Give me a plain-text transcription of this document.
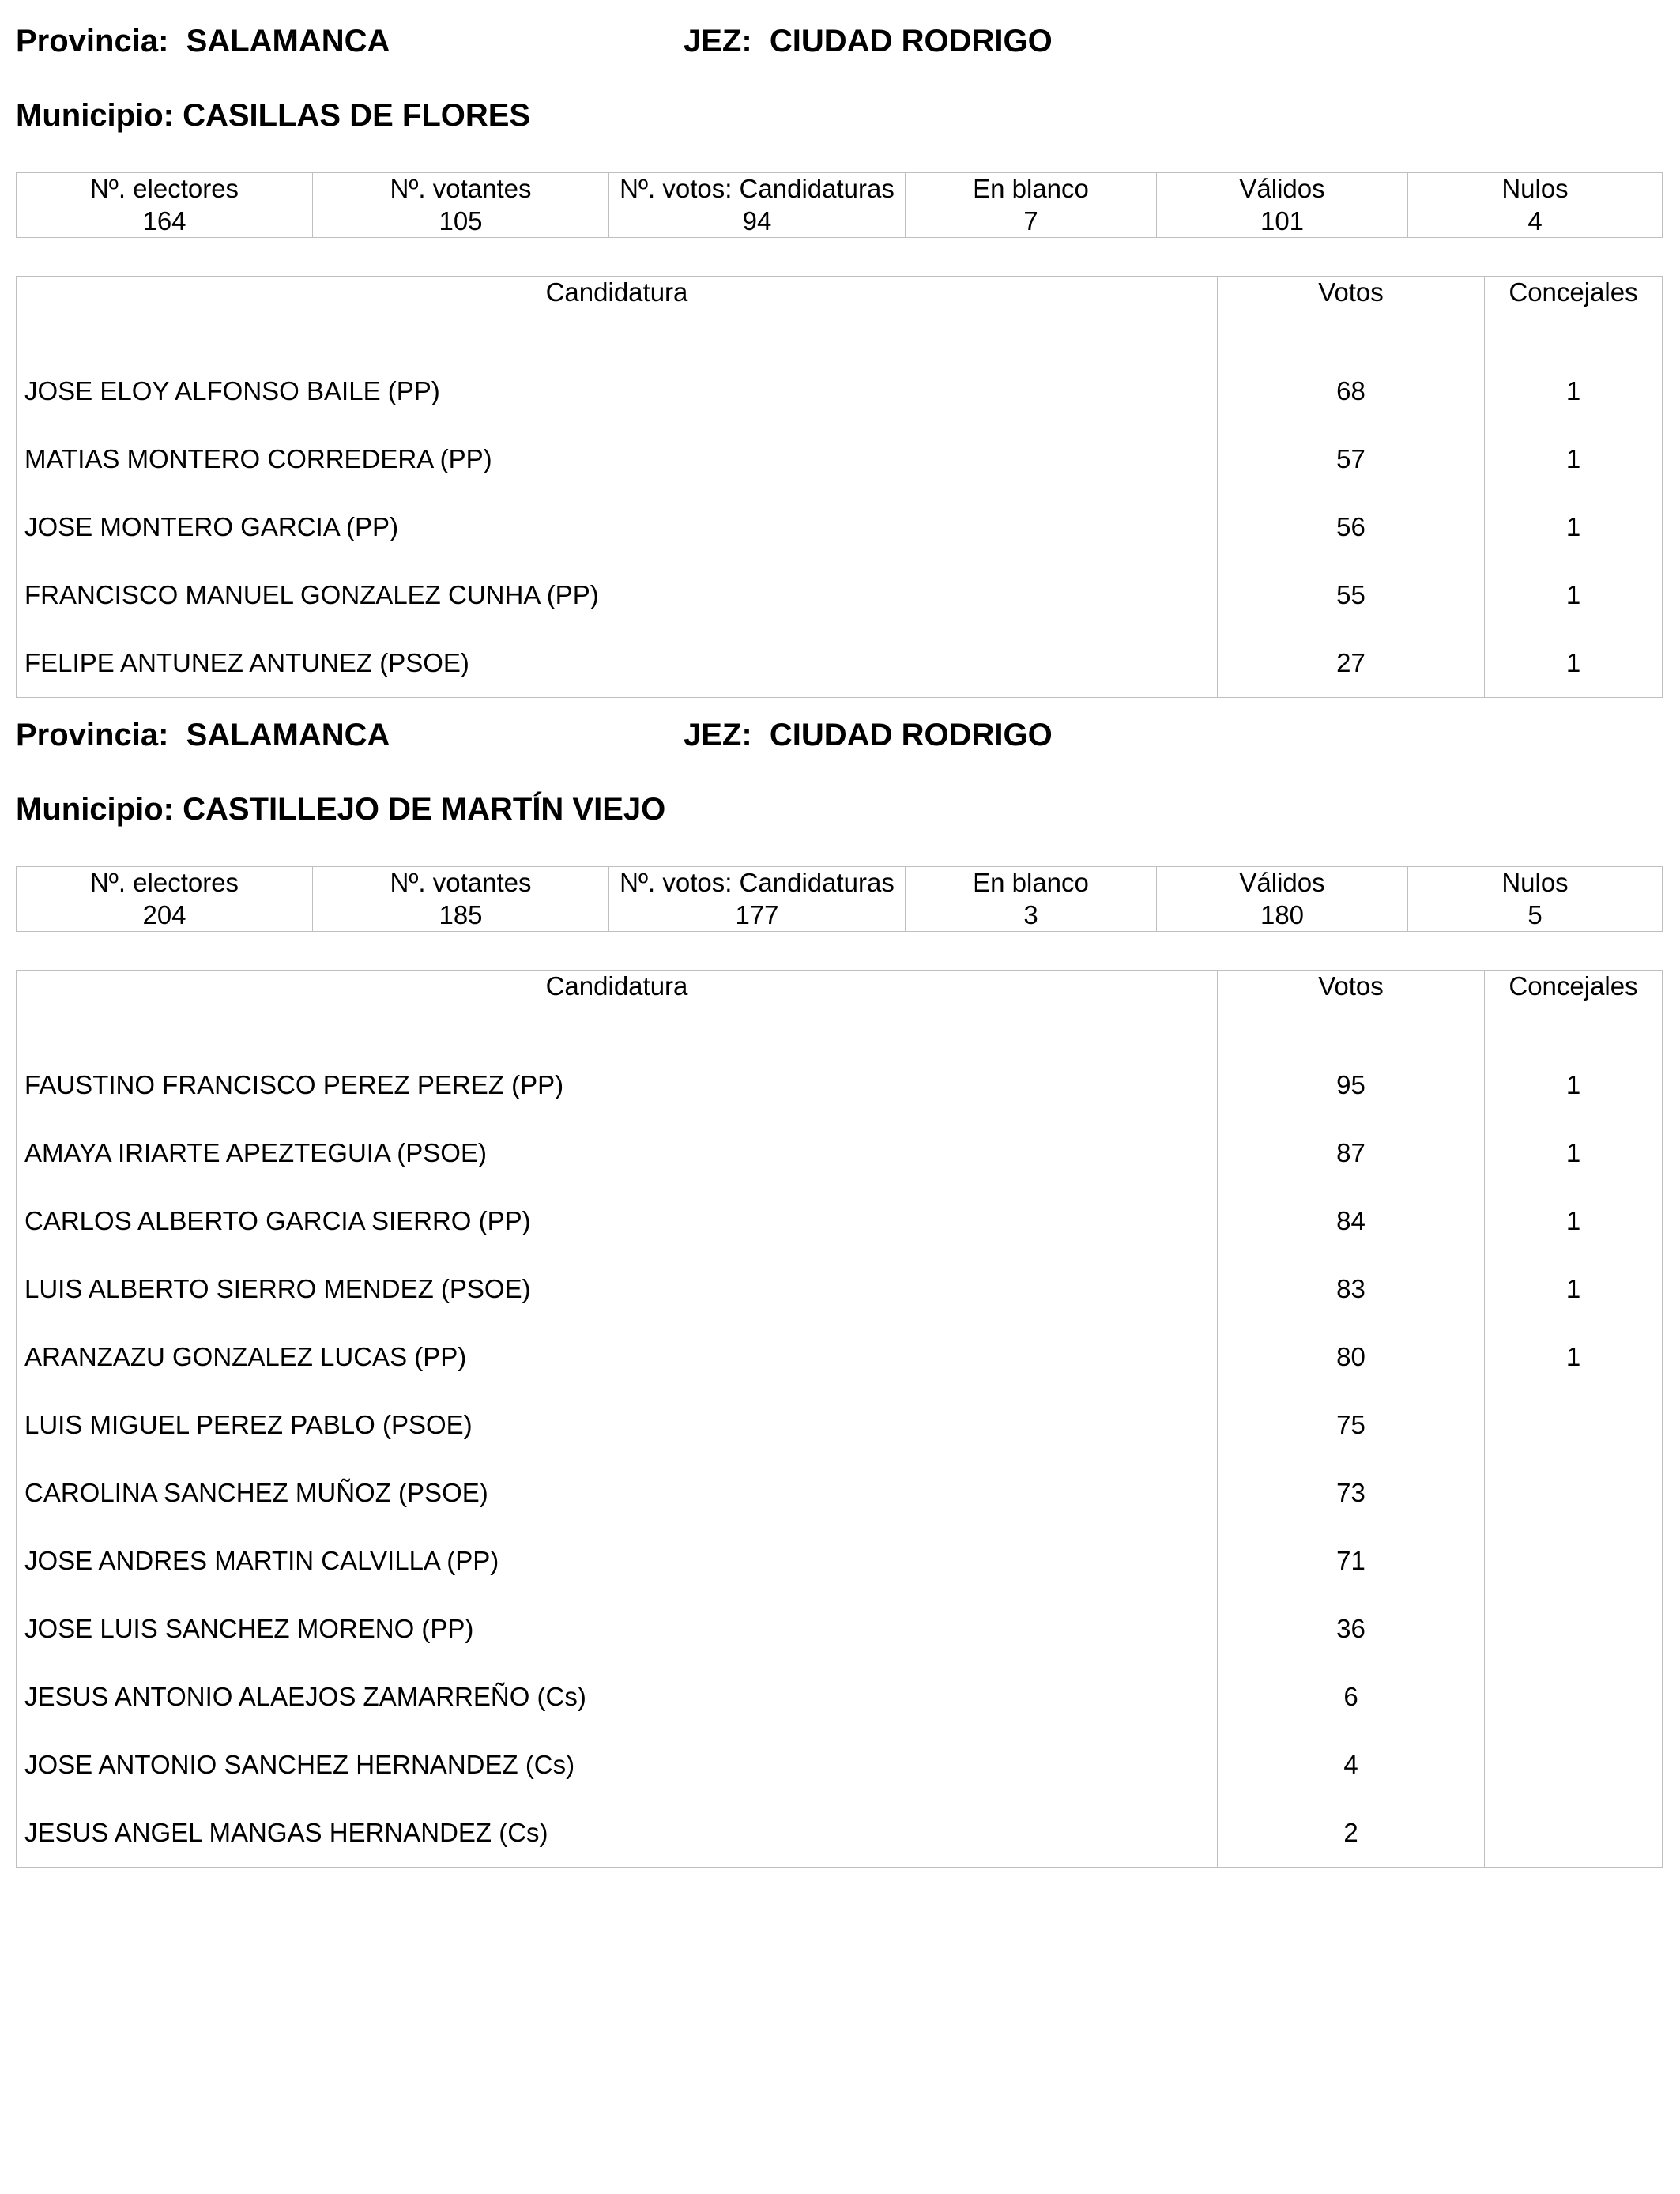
Provincia: SALAMANCA	JEZ: CIUDAD RODRIGO
Municipio: CASILLAS DE FLORES
Nº. electores	Nº. votantes	Nº. votos: Candidaturas	En blanco	Válidos	Nulos
164	105	94	7	101	4
Candidatura	Votos	Concejales
JOSE ELOY ALFONSO BAILE (PP)	68	1
MATIAS MONTERO CORREDERA (PP)	57	1
JOSE MONTERO GARCIA (PP)	56	1
FRANCISCO MANUEL GONZALEZ CUNHA (PP)	55	1
FELIPE ANTUNEZ ANTUNEZ (PSOE)	27	1
Provincia: SALAMANCA	JEZ: CIUDAD RODRIGO
Municipio: CASTILLEJO DE MARTÍN VIEJO
Nº. electores	Nº. votantes	Nº. votos: Candidaturas	En blanco	Válidos	Nulos
204	185	177	3	180	5
Candidatura	Votos	Concejales
FAUSTINO FRANCISCO PEREZ PEREZ (PP)	95	1
AMAYA IRIARTE APEZTEGUIA (PSOE)	87	1
CARLOS ALBERTO GARCIA SIERRO (PP)	84	1
LUIS ALBERTO SIERRO MENDEZ (PSOE)	83	1
ARANZAZU GONZALEZ LUCAS (PP)	80	1
LUIS MIGUEL PEREZ PABLO (PSOE)	75	
CAROLINA SANCHEZ MUÑOZ (PSOE)	73	
JOSE ANDRES MARTIN CALVILLA (PP)	71	
JOSE LUIS SANCHEZ MORENO (PP)	36	
JESUS ANTONIO ALAEJOS ZAMARREÑO (Cs)	6	
JOSE ANTONIO SANCHEZ HERNANDEZ (Cs)	4	
JESUS ANGEL MANGAS HERNANDEZ (Cs)	2	
